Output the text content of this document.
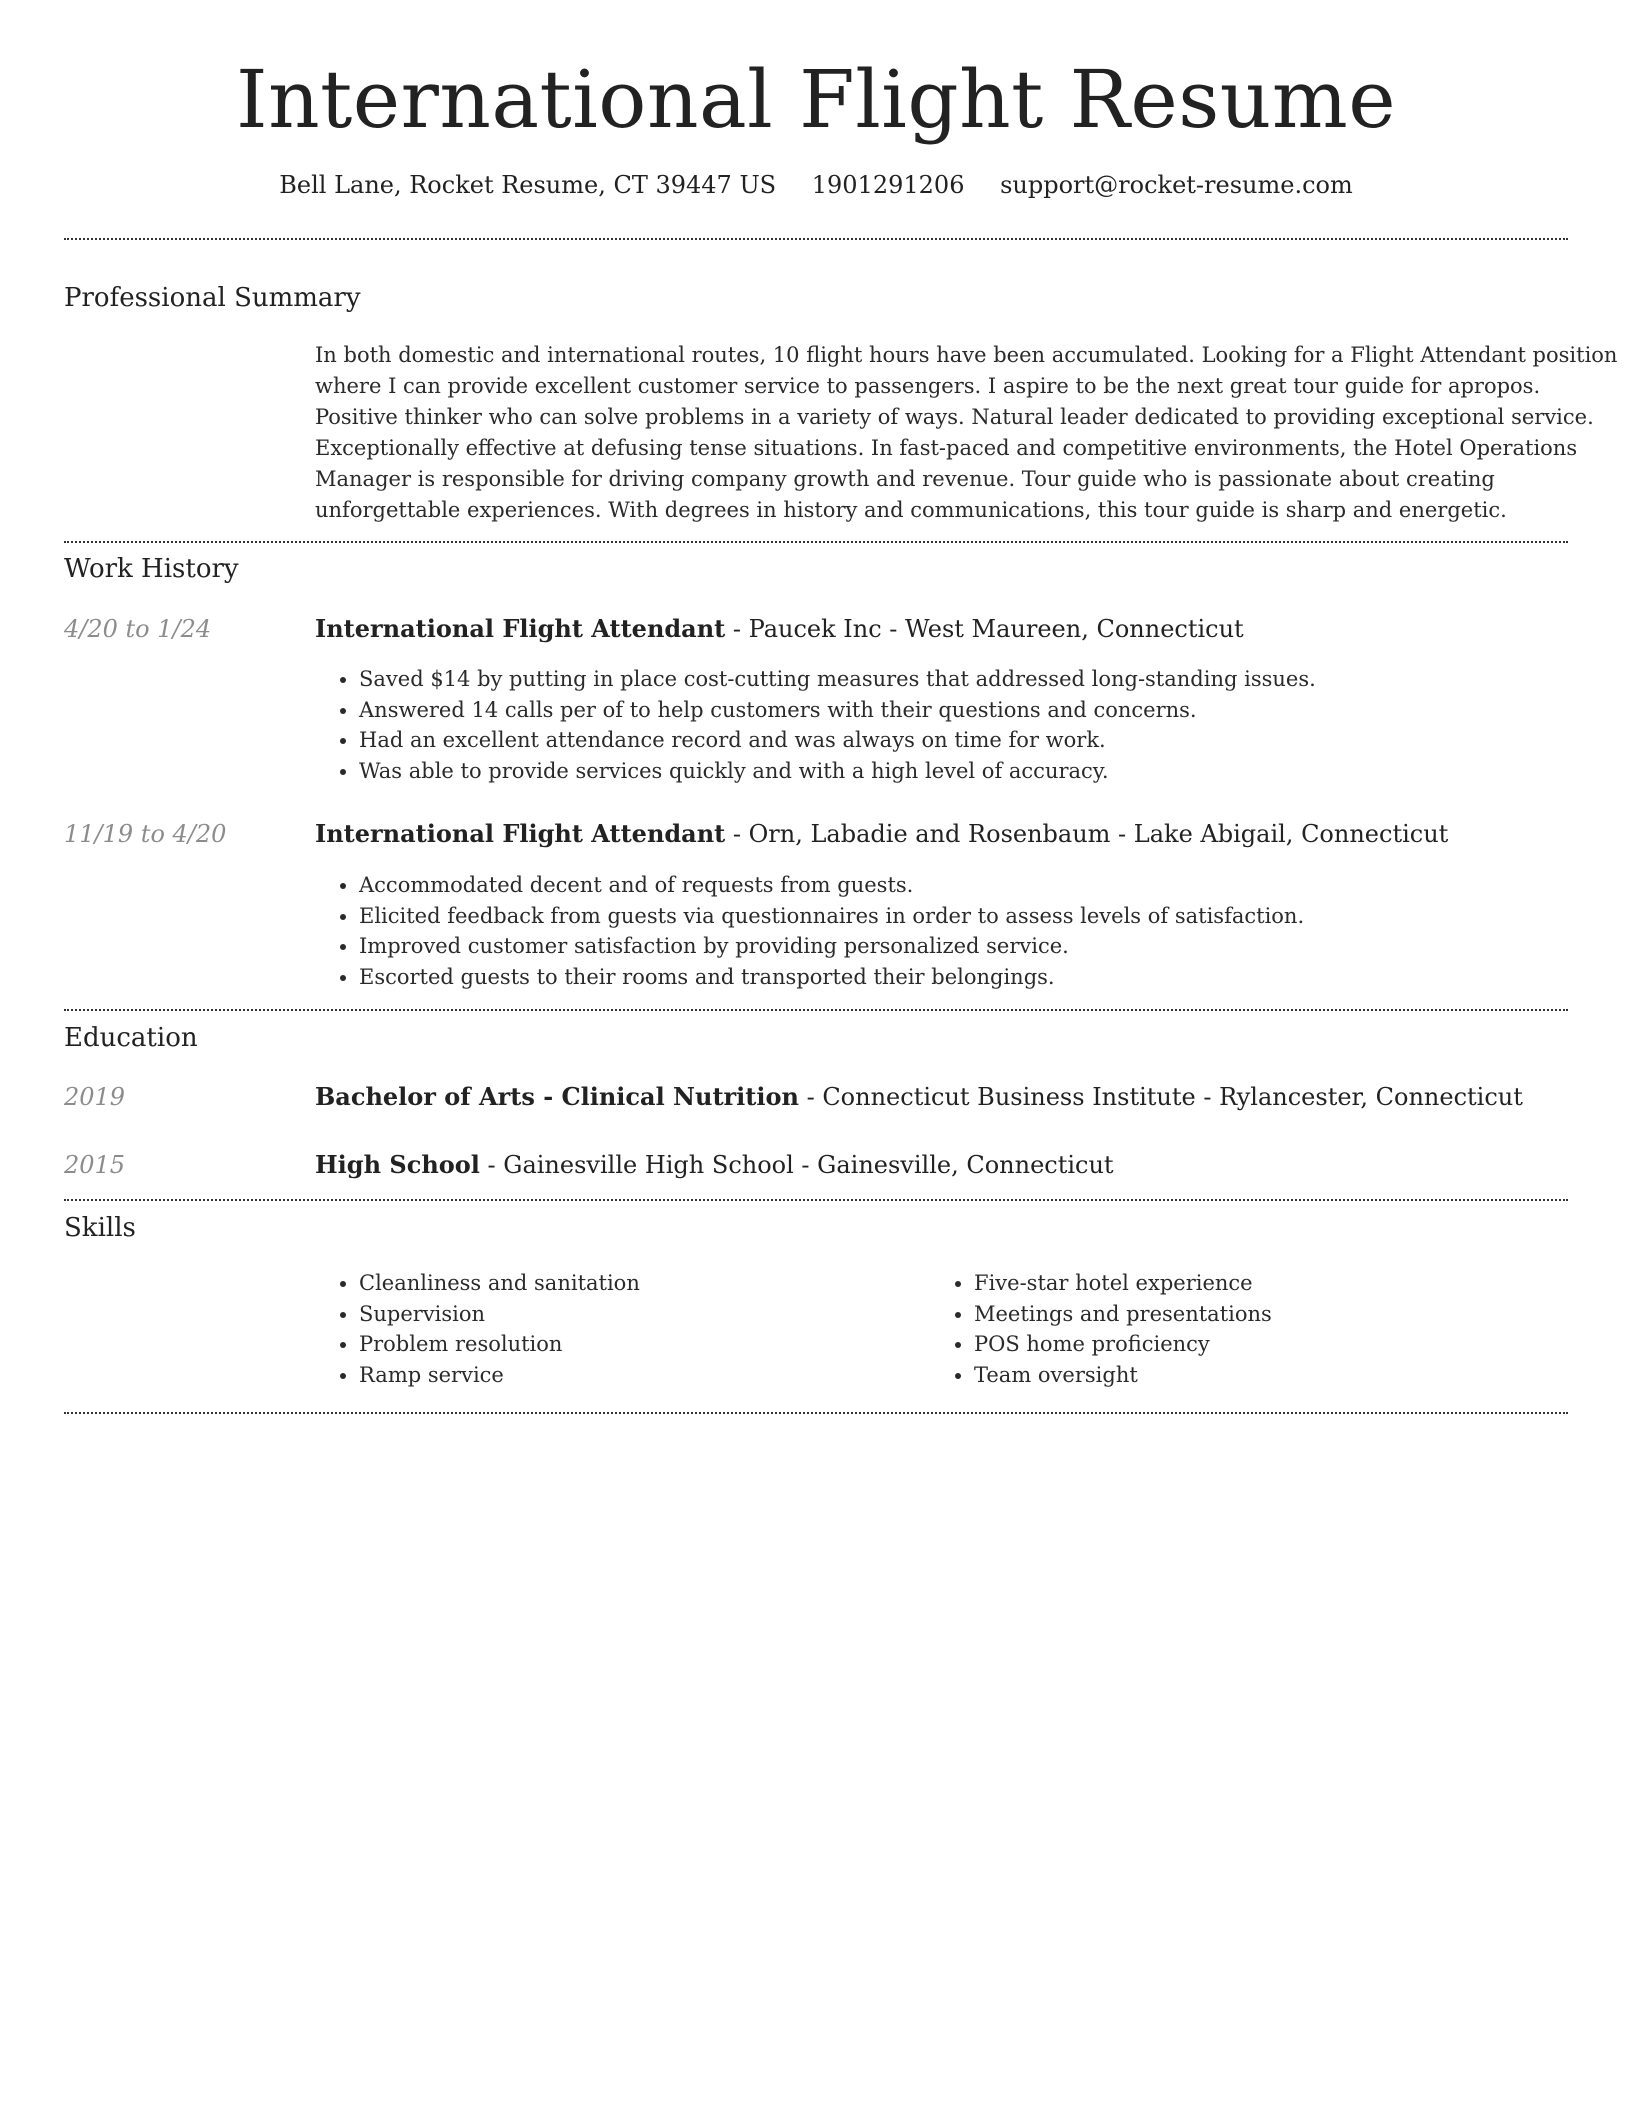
International Flight Resume
Bell Lane, Rocket Resume, CT 39447 US 1901291206 support@rocket-resume.com
Professional Summary

In both domestic and international routes, 10 flight hours have been accumulated. Looking for a Flight Attendant position where I can provide excellent customer service to passengers. I aspire to be the next great tour guide for apropos. Positive thinker who can solve problems in a variety of ways. Natural leader dedicated to providing exceptional service. Exceptionally effective at defusing tense situations. In fast-paced and competitive environments, the Hotel Operations Manager is responsible for driving company growth and revenue. Tour guide who is passionate about creating unforgettable experiences. With degrees in history and communications, this tour guide is sharp and energetic.

Work History
4/20 to 1/24	International Flight Attendant - Paucek Inc - West Maureen, Connecticut
• Saved $14 by putting in place cost-cutting measures that addressed long-standing issues.
• Answered 14 calls per of to help customers with their questions and concerns.
• Had an excellent attendance record and was always on time for work.
• Was able to provide services quickly and with a high level of accuracy.
11/19 to 4/20	International Flight Attendant - Orn, Labadie and Rosenbaum - Lake Abigail, Connecticut
• Accommodated decent and of requests from guests.
• Elicited feedback from guests via questionnaires in order to assess levels of satisfaction.
• Improved customer satisfaction by providing personalized service.
• Escorted guests to their rooms and transported their belongings.
Education
2019	Bachelor of Arts - Clinical Nutrition - Connecticut Business Institute - Rylancester, Connecticut
2015	High School - Gainesville High School - Gainesville, Connecticut
Skills
• Cleanliness and sanitation
• Supervision
• Problem resolution
• Ramp service
• Five-star hotel experience
• Meetings and presentations
• POS home proficiency
• Team oversight
